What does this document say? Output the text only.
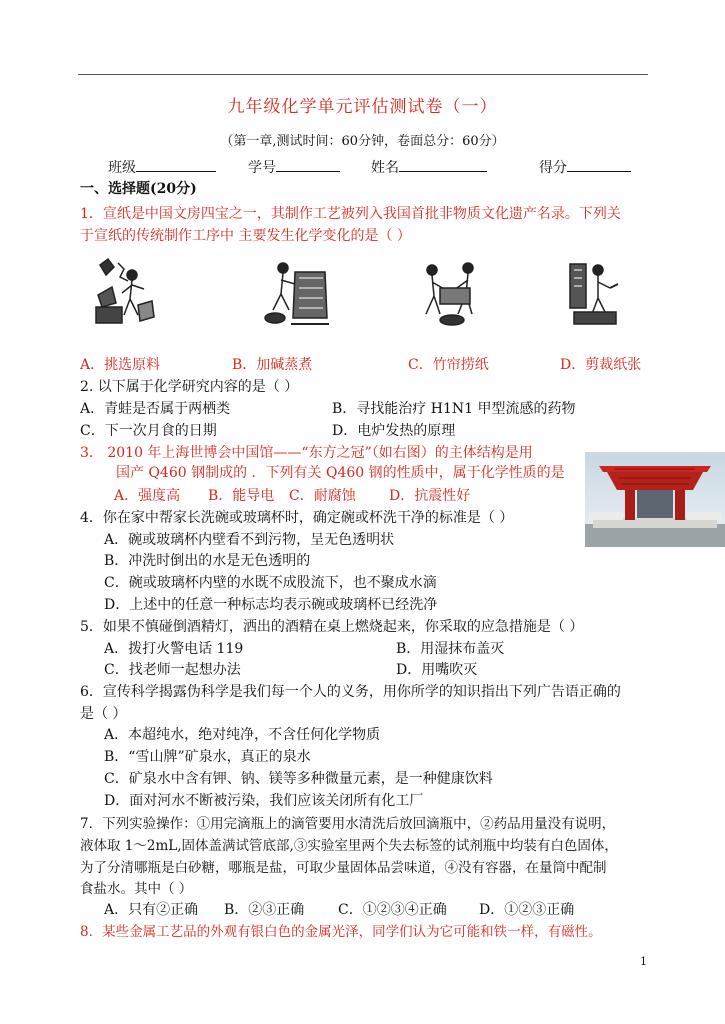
九年级化学单元评估测试卷（一）
（第一章,测试时间：60分钟，卷面总分：60分）
班级	学号	姓名	得分
一、选择题(20分)
1．宣纸是中国文房四宝之一，其制作工艺被列入我国首批非物质文化遗产名录。下列关
于宣纸的传统制作工序中 主要发生化学变化的是（ ）
A．挑选原料	B．加碱蒸煮	C．竹帘捞纸	D．剪裁纸张
2. 以下属于化学研究内容的是（ ）
A．青蛙是否属于两栖类	B．寻找能治疗 H1N1 甲型流感的药物
C．下一次月食的日期	D．电炉发热的原理
3． 2010 年上海世博会中国馆——“东方之冠”（如右图）的主体结构是用
国产 Q460 钢制成的 ．下列有关 Q460 钢的性质中，属于化学性质的是
A．强度高 B．能导电 C．耐腐蚀 D．抗震性好
4．你在家中帮家长洗碗或玻璃杯时，确定碗或杯洗干净的标准是（ ）
A．碗或玻璃杯内壁看不到污物，呈无色透明状
B．冲洗时倒出的水是无色透明的
C．碗或玻璃杯内壁的水既不成股流下，也不聚成水滴
D．上述中的任意一种标志均表示碗或玻璃杯已经洗净
5．如果不慎碰倒酒精灯，洒出的酒精在桌上燃烧起来，你采取的应急措施是（ ）
A．拨打火警电话 119	B．用湿抹布盖灭
C．找老师一起想办法	D．用嘴吹灭
6．宣传科学揭露伪科学是我们每一个人的义务，用你所学的知识指出下列广告语正确的
是（ ）
A．本超纯水，绝对纯净，不含任何化学物质
B．“雪山牌”矿泉水，真正的泉水
C．矿泉水中含有钾、钠、镁等多种微量元素，是一种健康饮料
D．面对河水不断被污染，我们应该关闭所有化工厂
7．下列实验操作：①用完滴瓶上的滴管要用水清洗后放回滴瓶中，②药品用量没有说明，
液体取 1～2mL,固体盖满试管底部,③实验室里两个失去标签的试剂瓶中均装有白色固体，
为了分清哪瓶是白砂糖，哪瓶是盐，可取少量固体品尝味道，④没有容器，在量筒中配制
食盐水。其中（ ）
A．只有②正确 B．②③正确 C．①②③④正确 D．①②③正确
8．某些金属工艺品的外观有银白色的金属光泽，同学们认为它可能和铁一样，有磁性。
1
